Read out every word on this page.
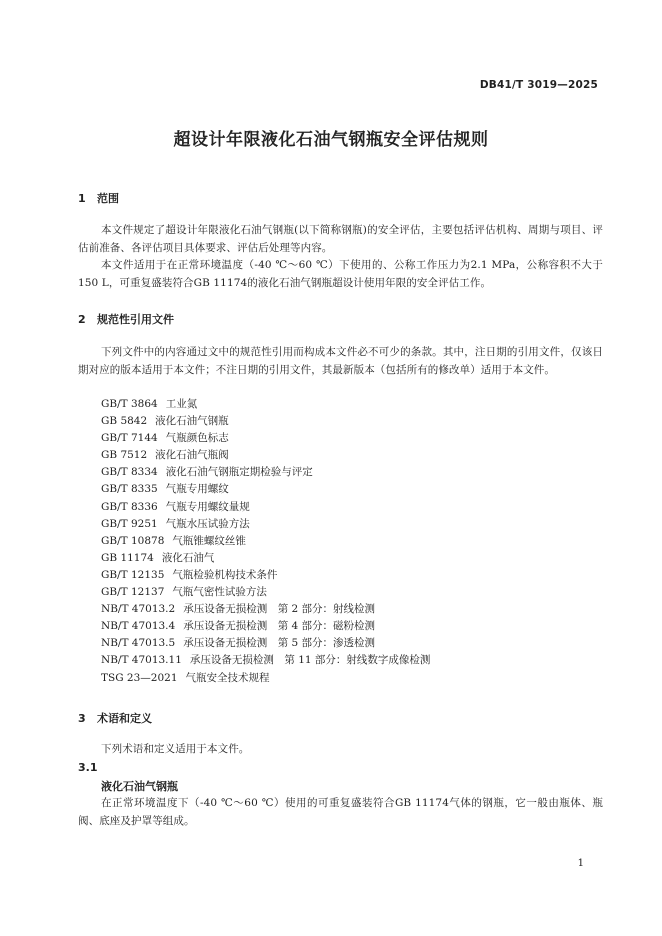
DB41/T 3019—2025
超设计年限液化石油气钢瓶安全评估规则
1 范围
本文件规定了超设计年限液化石油气钢瓶(以下简称钢瓶)的安全评估，主要包括评估机构、周期与项目、评估前准备、各评估项目具体要求、评估后处理等内容。
本文件适用于在正常环境温度（-40 ℃～60 ℃）下使用的、公称工作压力为2.1 MPa，公称容积不大于150 L，可重复盛装符合GB 11174的液化石油气钢瓶超设计使用年限的安全评估工作。
2 规范性引用文件
下列文件中的内容通过文中的规范性引用而构成本文件必不可少的条款。其中，注日期的引用文件，仅该日期对应的版本适用于本文件；不注日期的引用文件，其最新版本（包括所有的修改单）适用于本文件。
GB/T 3864 工业氮
GB 5842 液化石油气钢瓶
GB/T 7144 气瓶颜色标志
GB 7512 液化石油气瓶阀
GB/T 8334 液化石油气钢瓶定期检验与评定
GB/T 8335 气瓶专用螺纹
GB/T 8336 气瓶专用螺纹量规
GB/T 9251 气瓶水压试验方法
GB/T 10878 气瓶锥螺纹丝锥
GB 11174 液化石油气
GB/T 12135 气瓶检验机构技术条件
GB/T 12137 气瓶气密性试验方法
NB/T 47013.2 承压设备无损检测　第 2 部分：射线检测
NB/T 47013.4 承压设备无损检测　第 4 部分：磁粉检测
NB/T 47013.5 承压设备无损检测　第 5 部分：渗透检测
NB/T 47013.11 承压设备无损检测　第 11 部分：射线数字成像检测
TSG 23—2021 气瓶安全技术规程
3 术语和定义
下列术语和定义适用于本文件。
3.1
液化石油气钢瓶
在正常环境温度下（-40 ℃～60 ℃）使用的可重复盛装符合GB 11174气体的钢瓶，它一般由瓶体、瓶阀、底座及护罩等组成。
1
